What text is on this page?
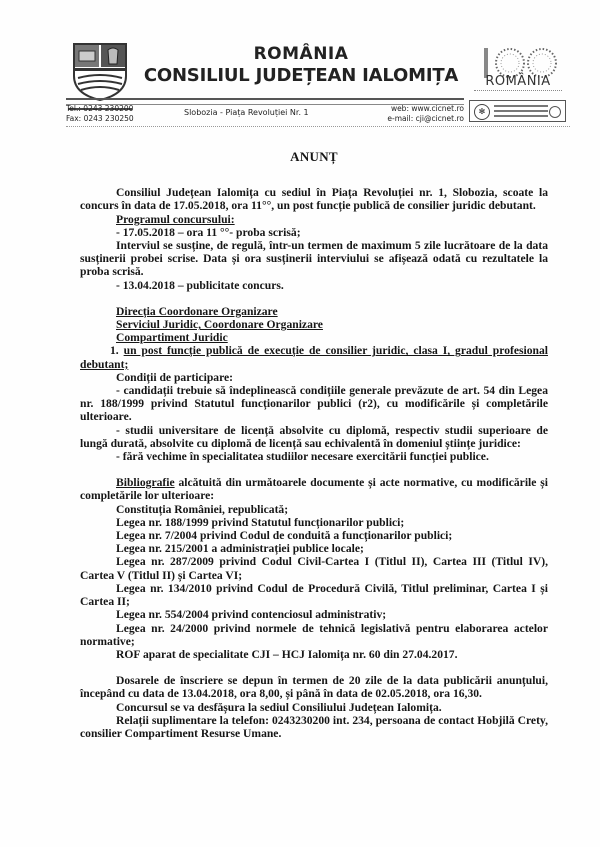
ROMÂNIA
CONSILIUL JUDEȚEAN IALOMIȚA	ROMÂNIA
Tel.: 0243 230200
Fax: 0243 230250
Slobozia - Piața Revoluției Nr. 1	web: www.cicnet.ro
e-mail: cji@cicnet.ro
✻
ANUNȚ

Consiliul Județean Ialomița cu sediul în Piața Revoluției nr. 1, Slobozia, scoate la concurs în data de 17.05.2018, ora 11°°, un post funcție publică de consilier juridic debutant.

Programul concursului:

- 17.05.2018 – ora 11 °°- proba scrisă;

Interviul se susține, de regulă, într-un termen de maximum 5 zile lucrătoare de la data susținerii probei scrise. Data și ora susținerii interviului se afișează odată cu rezultatele la proba scrisă.

- 13.04.2018 – publicitate concurs.

Direcția Coordonare Organizare

Serviciul Juridic, Coordonare Organizare

Compartiment Juridic

1. un post funcție publică de execuție de consilier juridic, clasa I, gradul profesional debutant;

Condiții de participare:

- candidații trebuie să îndeplinească condițiile generale prevăzute de art. 54 din Legea nr. 188/1999 privind Statutul funcționarilor publici (r2), cu modificările și completările ulterioare.

- studii universitare de licență absolvite cu diplomă, respectiv studii superioare de lungă durată, absolvite cu diplomă de licență sau echivalentă în domeniul științe juridice:

- fără vechime în specialitatea studiilor necesare exercitării funcției publice.

Bibliografie alcătuită din următoarele documente și acte normative, cu modificările și completările lor ulterioare:

Constituția României, republicată;

Legea nr. 188/1999 privind Statutul funcționarilor publici;

Legea nr. 7/2004 privind Codul de conduită a funcționarilor publici;

Legea nr. 215/2001 a administrației publice locale;

Legea nr. 287/2009 privind Codul Civil-Cartea I (Titlul II), Cartea III (Titlul IV), Cartea V (Titlul II) și Cartea VI;

Legea nr. 134/2010 privind Codul de Procedură Civilă, Titlul preliminar, Cartea I și Cartea II;

Legea nr. 554/2004 privind contenciosul administrativ;

Legea nr. 24/2000 privind normele de tehnică legislativă pentru elaborarea actelor normative;

ROF aparat de specialitate CJI – HCJ Ialomița nr. 60 din 27.04.2017.

Dosarele de înscriere se depun în termen de 20 zile de la data publicării anunțului, începând cu data de 13.04.2018, ora 8,00, și până în data de 02.05.2018, ora 16,30.

Concursul se va desfășura la sediul Consiliului Județean Ialomița.

Relații suplimentare la telefon: 0243230200 int. 234, persoana de contact Hobjilă Crety, consilier Compartiment Resurse Umane.
